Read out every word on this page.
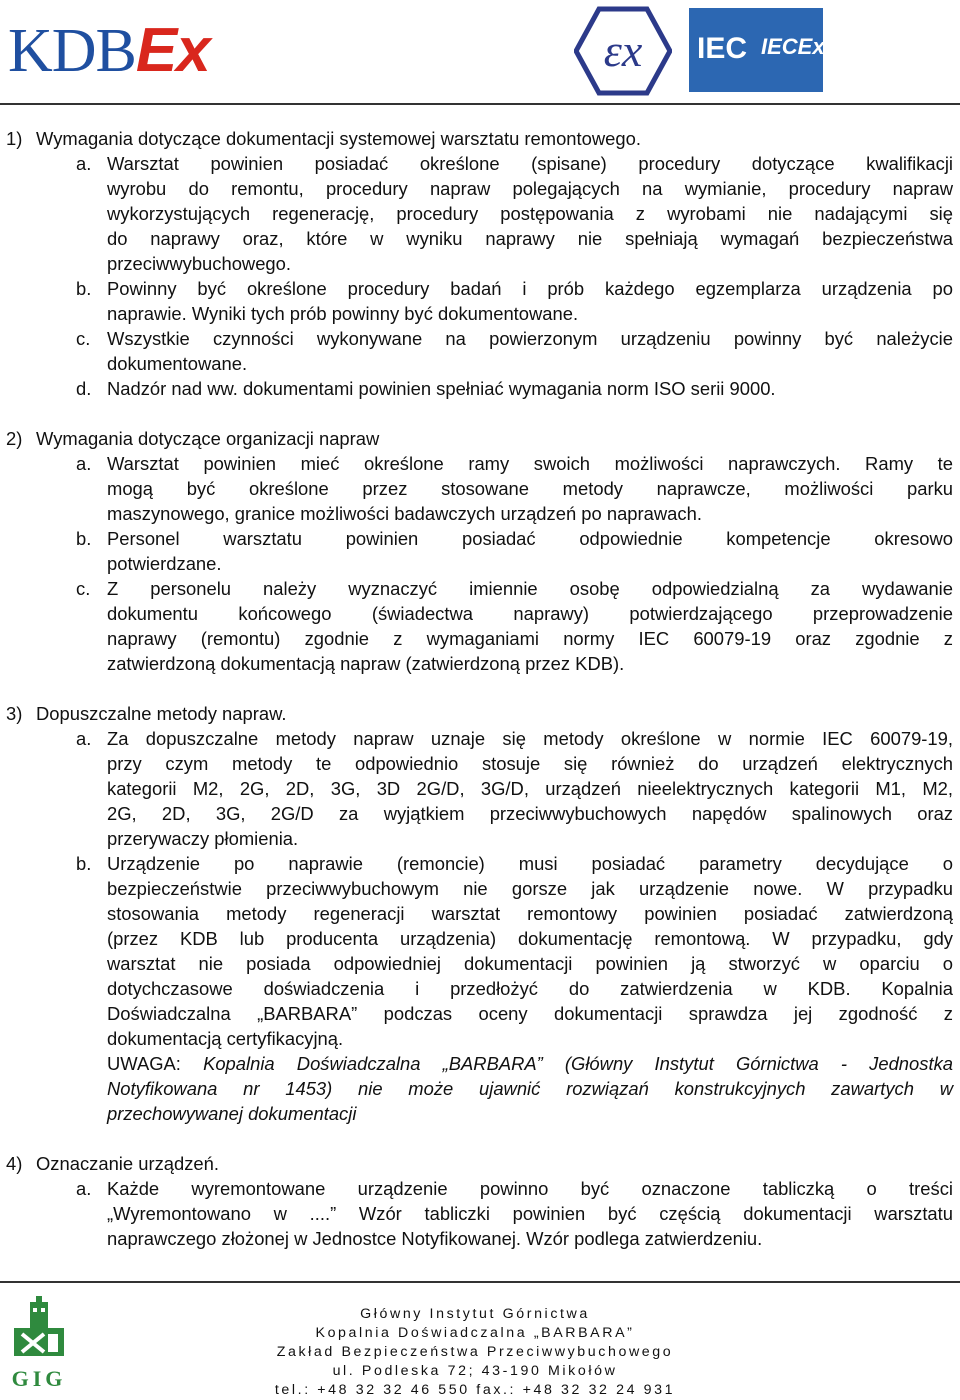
KDBEx	εx IEC IECEx
1) Wymagania dotyczące dokumentacji systemowej warsztatu remontowego.
a. Warsztat powinien posiadać określone (spisane) procedury dotyczące kwalifikacji
wyrobu do remontu, procedury napraw polegających na wymianie, procedury napraw
wykorzystujących regenerację, procedury postępowania z wyrobami nie nadającymi się
do naprawy oraz, które w wyniku naprawy nie spełniają wymagań bezpieczeństwa
przeciwwybuchowego.
b. Powinny być określone procedury badań i prób każdego egzemplarza urządzenia po
naprawie. Wyniki tych prób powinny być dokumentowane.
c. Wszystkie czynności wykonywane na powierzonym urządzeniu powinny być należycie
dokumentowane.
d. Nadzór nad ww. dokumentami powinien spełniać wymagania norm ISO serii 9000.
2) Wymagania dotyczące organizacji napraw
a. Warsztat powinien mieć określone ramy swoich możliwości naprawczych. Ramy te
mogą być określone przez stosowane metody naprawcze, możliwości parku
maszynowego, granice możliwości badawczych urządzeń po naprawach.
b. Personel warsztatu powinien posiadać odpowiednie kompetencje okresowo
potwierdzane.
c. Z personelu należy wyznaczyć imiennie osobę odpowiedzialną za wydawanie
dokumentu końcowego (świadectwa naprawy) potwierdzającego przeprowadzenie
naprawy (remontu) zgodnie z wymaganiami normy IEC 60079-19 oraz zgodnie z
zatwierdzoną dokumentacją napraw (zatwierdzoną przez KDB).
3) Dopuszczalne metody napraw.
a. Za dopuszczalne metody napraw uznaje się metody określone w normie IEC 60079-19,
przy czym metody te odpowiednio stosuje się również do urządzeń elektrycznych
kategorii M2, 2G, 2D, 3G, 3D 2G/D, 3G/D, urządzeń nieelektrycznych kategorii M1, M2,
2G, 2D, 3G, 2G/D za wyjątkiem przeciwwybuchowych napędów spalinowych oraz
przerywaczy płomienia.
b. Urządzenie po naprawie (remoncie) musi posiadać parametry decydujące o
bezpieczeństwie przeciwwybuchowym nie gorsze jak urządzenie nowe. W przypadku
stosowania metody regeneracji warsztat remontowy powinien posiadać zatwierdzoną
(przez KDB lub producenta urządzenia) dokumentację remontową. W przypadku, gdy
warsztat nie posiada odpowiedniej dokumentacji powinien ją stworzyć w oparciu o
dotychczasowe doświadczenia i przedłożyć do zatwierdzenia w KDB. Kopalnia
Doświadczalna „BARBARA” podczas oceny dokumentacji sprawdza jej zgodność z
dokumentacją certyfikacyjną.
UWAGA: Kopalnia Doświadczalna „BARBARA” (Główny Instytut Górnictwa - Jednostka
Notyfikowana nr 1453) nie może ujawnić rozwiązań konstrukcyjnych zawartych w
przechowywanej dokumentacji
4) Oznaczanie urządzeń.
a. Każde wyremontowane urządzenie powinno być oznaczone tabliczką o treści
„Wyremontowano w ....” Wzór tabliczki powinien być częścią dokumentacji warsztatu
naprawczego złożonej w Jednostce Notyfikowanej. Wzór podlega zatwierdzeniu.
GIG
Główny Instytut Górnictwa
Kopalnia Doświadczalna „BARBARA”
Zakład Bezpieczeństwa Przeciwwybuchowego
ul. Podleska 72; 43-190 Mikołów
tel.: +48 32 32 46 550 fax.: +48 32 32 24 931
